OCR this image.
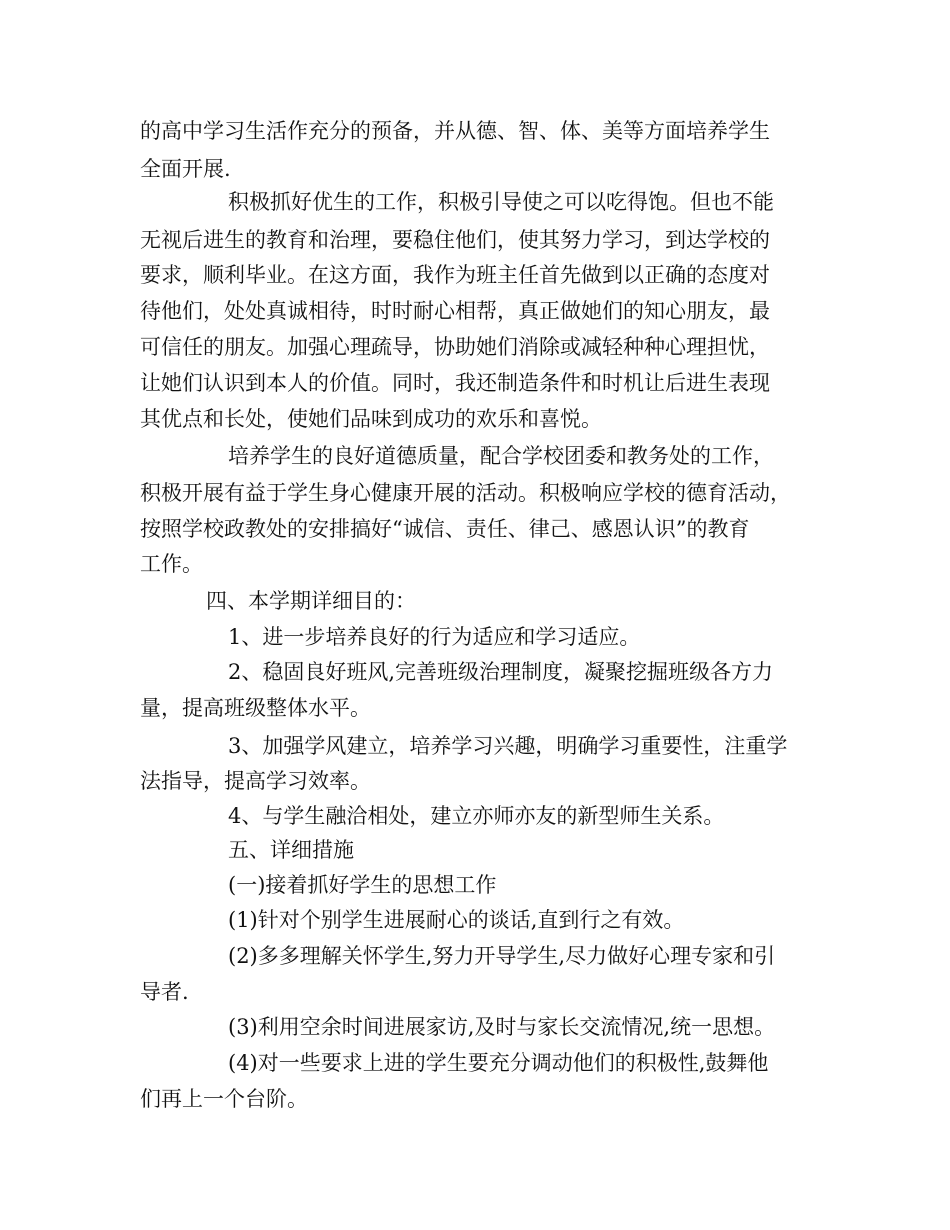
的高中学习生活作充分的预备，并从德、智、体、美等方面培养学生
全面开展.
积极抓好优生的工作，积极引导使之可以吃得饱。但也不能
无视后进生的教育和治理，要稳住他们，使其努力学习，到达学校的
要求，顺利毕业。在这方面，我作为班主任首先做到以正确的态度对
待他们，处处真诚相待，时时耐心相帮，真正做她们的知心朋友，最
可信任的朋友。加强心理疏导，协助她们消除或减轻种种心理担忧，
让她们认识到本人的价值。同时，我还制造条件和时机让后进生表现
其优点和长处，使她们品味到成功的欢乐和喜悦。
培养学生的良好道德质量，配合学校团委和教务处的工作，
积极开展有益于学生身心健康开展的活动。积极响应学校的德育活动，
按照学校政教处的安排搞好“诚信、责任、律己、感恩认识”的教育
工作。
四、本学期详细目的：
1、进一步培养良好的行为适应和学习适应。
2、稳固良好班风,完善班级治理制度，凝聚挖掘班级各方力
量，提高班级整体水平。
3、加强学风建立，培养学习兴趣，明确学习重要性，注重学
法指导，提高学习效率。
4、与学生融洽相处，建立亦师亦友的新型师生关系。
五、详细措施
(一)接着抓好学生的思想工作
(1)针对个别学生进展耐心的谈话,直到行之有效。
(2)多多理解关怀学生,努力开导学生,尽力做好心理专家和引
导者.
(3)利用空余时间进展家访,及时与家长交流情况,统一思想。
(4)对一些要求上进的学生要充分调动他们的积极性,鼓舞他
们再上一个台阶。
